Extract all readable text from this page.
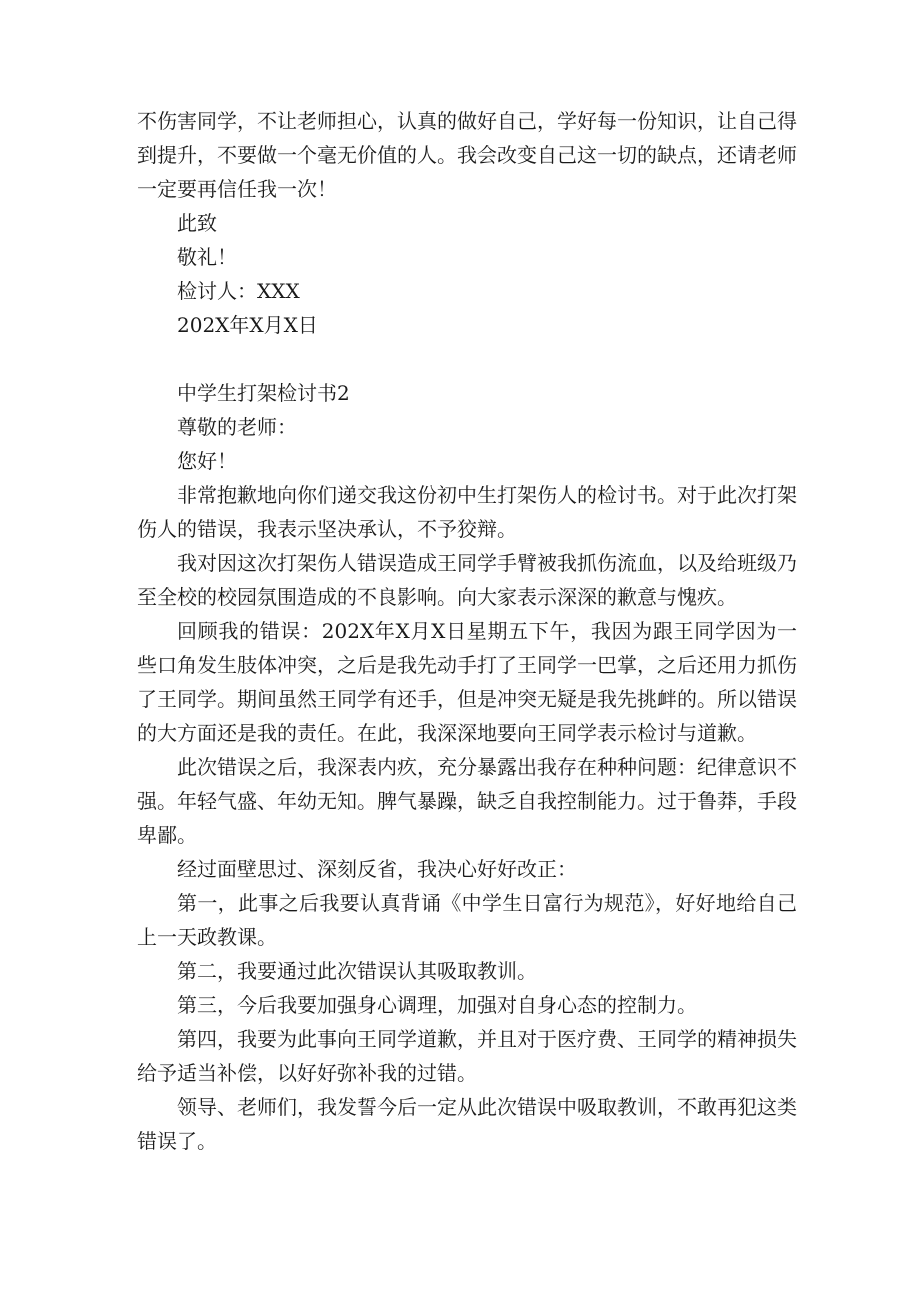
不伤害同学，不让老师担心，认真的做好自己，学好每一份知识，让自己得到提升，不要做一个毫无价值的人。我会改变自己这一切的缺点，还请老师一定要再信任我一次！

此致

敬礼！

检讨人：XXX

202X年X月X日

中学生打架检讨书2

尊敬的老师：

您好！

非常抱歉地向你们递交我这份初中生打架伤人的检讨书。对于此次打架伤人的错误，我表示坚决承认，不予狡辩。

我对因这次打架伤人错误造成王同学手臂被我抓伤流血，以及给班级乃至全校的校园氛围造成的不良影响。向大家表示深深的歉意与愧疚。

回顾我的错误：202X年X月X日星期五下午，我因为跟王同学因为一些口角发生肢体冲突，之后是我先动手打了王同学一巴掌，之后还用力抓伤了王同学。期间虽然王同学有还手，但是冲突无疑是我先挑衅的。所以错误的大方面还是我的责任。在此，我深深地要向王同学表示检讨与道歉。

此次错误之后，我深表内疚，充分暴露出我存在种种问题：纪律意识不强。年轻气盛、年幼无知。脾气暴躁，缺乏自我控制能力。过于鲁莽，手段卑鄙。

经过面壁思过、深刻反省，我决心好好改正：

第一，此事之后我要认真背诵《中学生日富行为规范》，好好地给自己上一天政教课。

第二，我要通过此次错误认其吸取教训。

第三，今后我要加强身心调理，加强对自身心态的控制力。

第四，我要为此事向王同学道歉，并且对于医疗费、王同学的精神损失给予适当补偿，以好好弥补我的过错。

领导、老师们，我发誓今后一定从此次错误中吸取教训，不敢再犯这类错误了。
